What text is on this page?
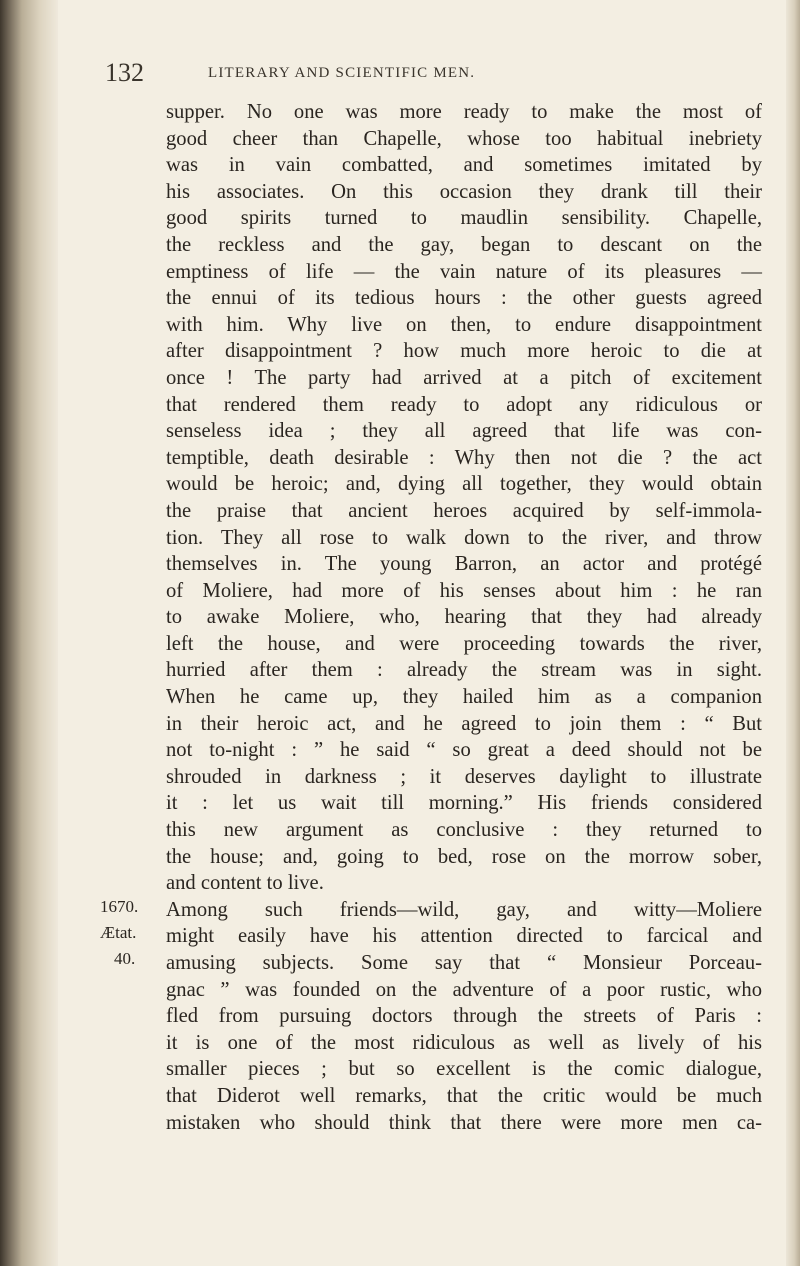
132	LITERARY AND SCIENTIFIC MEN.
1670.
Ætat.
40.
supper. No one was more ready to make the most of
good cheer than Chapelle, whose too habitual inebriety
was in vain combatted, and sometimes imitated by
his associates. On this occasion they drank till their
good spirits turned to maudlin sensibility. Chapelle,
the reckless and the gay, began to descant on the
emptiness of life — the vain nature of its pleasures —
the ennui of its tedious hours : the other guests agreed
with him. Why live on then, to endure disappointment
after disappointment ? how much more heroic to die at
once ! The party had arrived at a pitch of excitement
that rendered them ready to adopt any ridiculous or
senseless idea ; they all agreed that life was con-
temptible, death desirable : Why then not die ? the act
would be heroic; and, dying all together, they would obtain
the praise that ancient heroes acquired by self-immola-
tion. They all rose to walk down to the river, and throw
themselves in. The young Barron, an actor and protégé
of Moliere, had more of his senses about him : he ran
to awake Moliere, who, hearing that they had already
left the house, and were proceeding towards the river,
hurried after them : already the stream was in sight.
When he came up, they hailed him as a companion
in their heroic act, and he agreed to join them : “ But
not to-night : ” he said “ so great a deed should not be
shrouded in darkness ; it deserves daylight to illustrate
it : let us wait till morning.” His friends considered
this new argument as conclusive : they returned to
the house; and, going to bed, rose on the morrow sober,
and content to live.
Among such friends—wild, gay, and witty—Moliere
might easily have his attention directed to farcical and
amusing subjects. Some say that “ Monsieur Porceau-
gnac ” was founded on the adventure of a poor rustic, who
fled from pursuing doctors through the streets of Paris :
it is one of the most ridiculous as well as lively of his
smaller pieces ; but so excellent is the comic dialogue,
that Diderot well remarks, that the critic would be much
mistaken who should think that there were more men ca-
